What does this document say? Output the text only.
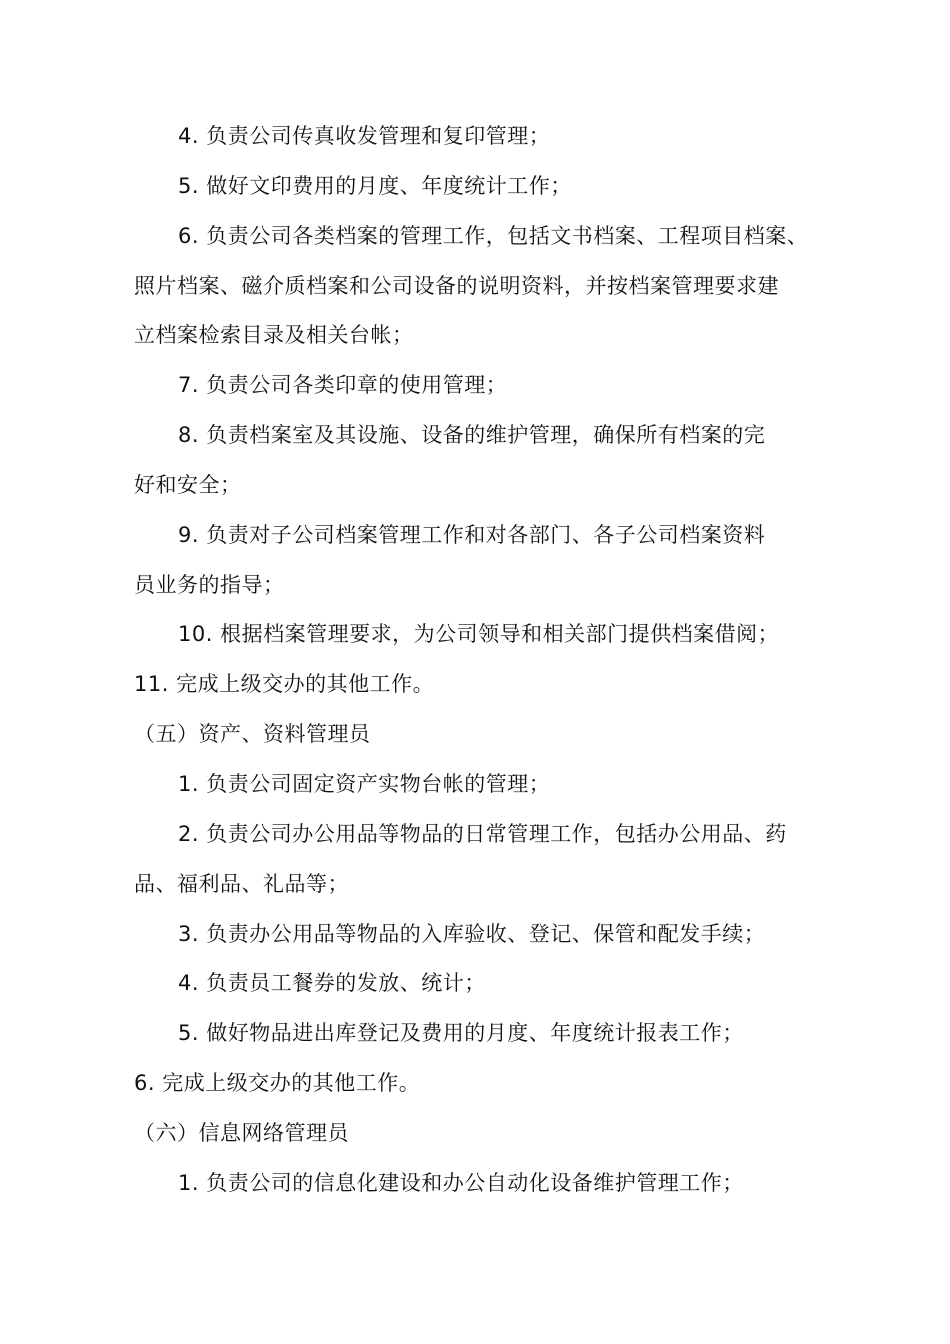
4. 负责公司传真收发管理和复印管理；
5. 做好文印费用的月度、年度统计工作；
6. 负责公司各类档案的管理工作，包括文书档案、工程项目档案、
照片档案、磁介质档案和公司设备的说明资料，并按档案管理要求建
立档案检索目录及相关台帐；
7. 负责公司各类印章的使用管理；
8. 负责档案室及其设施、设备的维护管理，确保所有档案的完
好和安全；
9. 负责对子公司档案管理工作和对各部门、各子公司档案资料
员业务的指导；
10. 根据档案管理要求，为公司领导和相关部门提供档案借阅；
11. 完成上级交办的其他工作。
（五）资产、资料管理员
1. 负责公司固定资产实物台帐的管理；
2. 负责公司办公用品等物品的日常管理工作，包括办公用品、药
品、福利品、礼品等；
3. 负责办公用品等物品的入库验收、登记、保管和配发手续；
4. 负责员工餐券的发放、统计；
5. 做好物品进出库登记及费用的月度、年度统计报表工作；
6. 完成上级交办的其他工作。
（六）信息网络管理员
1. 负责公司的信息化建设和办公自动化设备维护管理工作；
